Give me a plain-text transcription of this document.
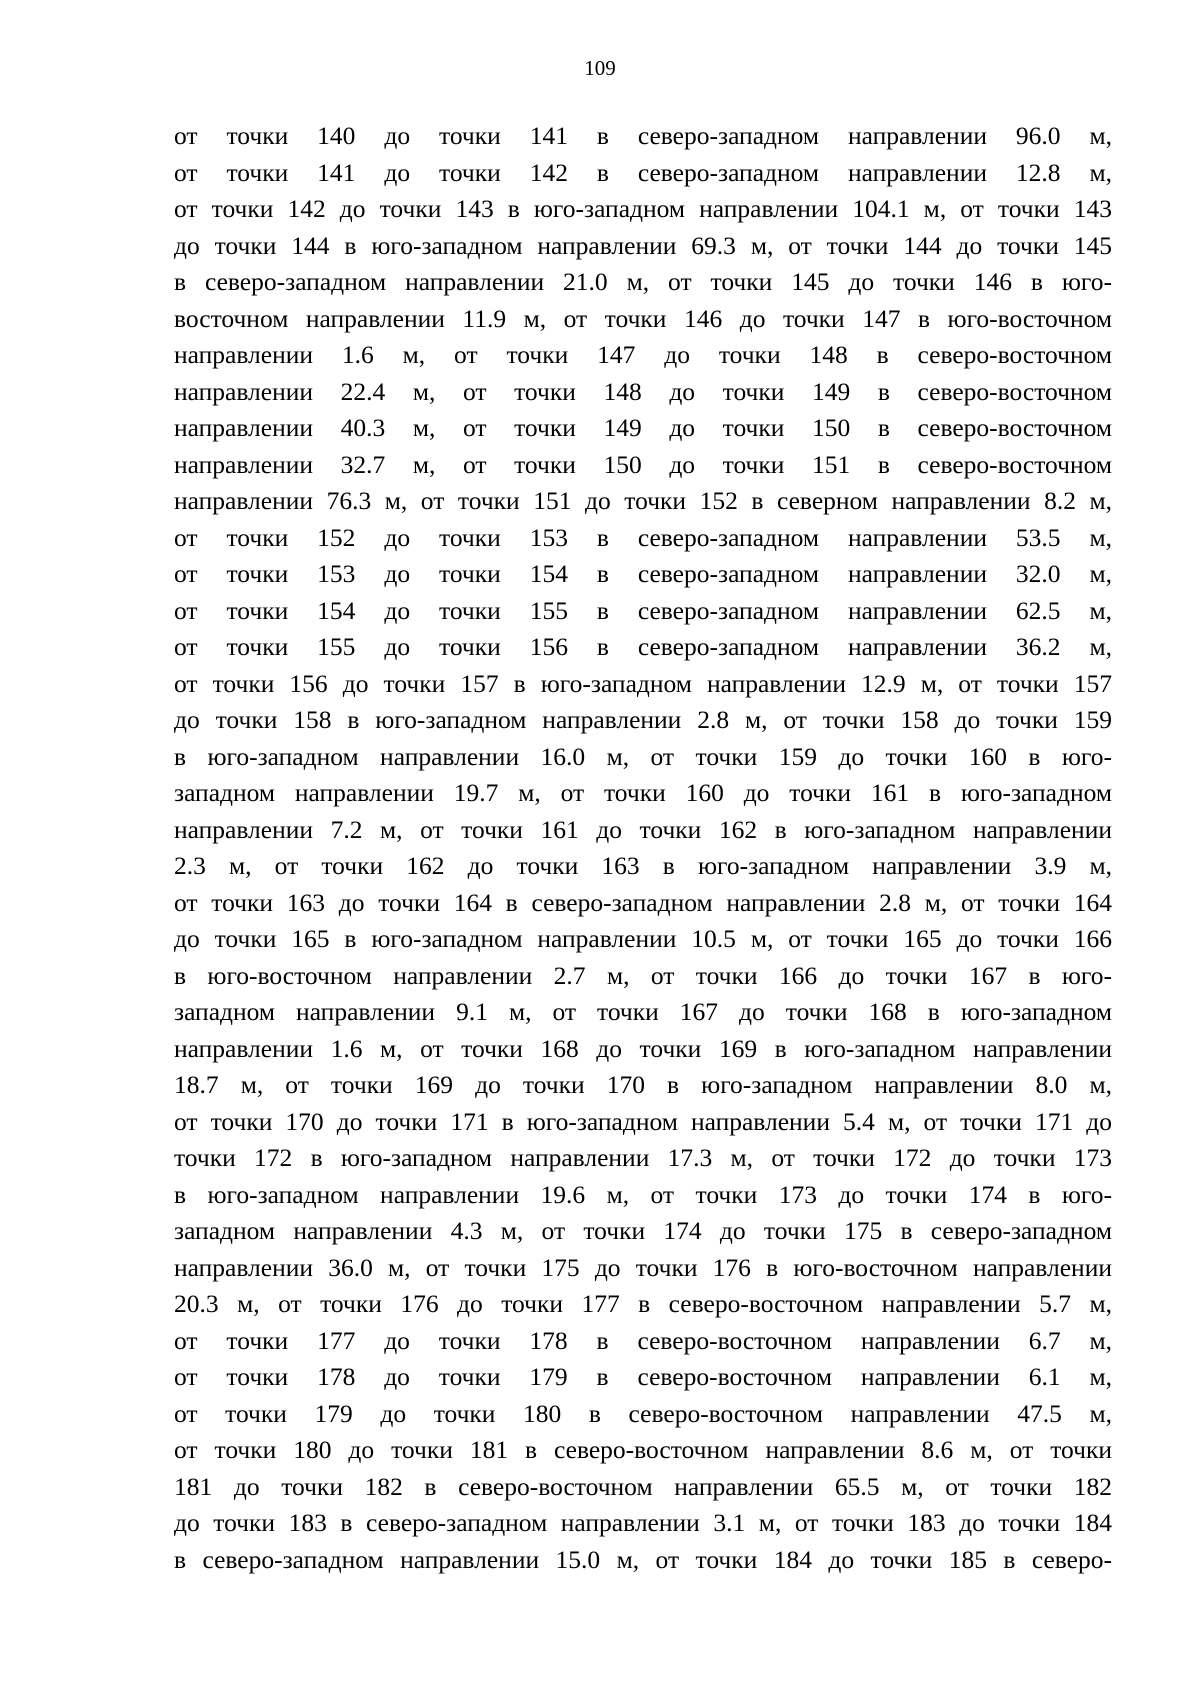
109
от точки 140 до точки 141 в северо-западном направлении 96.0 м,
от точки 141 до точки 142 в северо-западном направлении 12.8 м,
от точки 142 до точки 143 в юго-западном направлении 104.1 м, от точки 143
до точки 144 в юго-западном направлении 69.3 м, от точки 144 до точки 145
в северо-западном направлении 21.0 м, от точки 145 до точки 146 в юго-
восточном направлении 11.9 м, от точки 146 до точки 147 в юго-восточном
направлении 1.6 м, от точки 147 до точки 148 в северо-восточном
направлении 22.4 м, от точки 148 до точки 149 в северо-восточном
направлении 40.3 м, от точки 149 до точки 150 в северо-восточном
направлении 32.7 м, от точки 150 до точки 151 в северо-восточном
направлении 76.3 м, от точки 151 до точки 152 в северном направлении 8.2 м,
от точки 152 до точки 153 в северо-западном направлении 53.5 м,
от точки 153 до точки 154 в северо-западном направлении 32.0 м,
от точки 154 до точки 155 в северо-западном направлении 62.5 м,
от точки 155 до точки 156 в северо-западном направлении 36.2 м,
от точки 156 до точки 157 в юго-западном направлении 12.9 м, от точки 157
до точки 158 в юго-западном направлении 2.8 м, от точки 158 до точки 159
в юго-западном направлении 16.0 м, от точки 159 до точки 160 в юго-
западном направлении 19.7 м, от точки 160 до точки 161 в юго-западном
направлении 7.2 м, от точки 161 до точки 162 в юго-западном направлении
2.3 м, от точки 162 до точки 163 в юго-западном направлении 3.9 м,
от точки 163 до точки 164 в северо-западном направлении 2.8 м, от точки 164
до точки 165 в юго-западном направлении 10.5 м, от точки 165 до точки 166
в юго-восточном направлении 2.7 м, от точки 166 до точки 167 в юго-
западном направлении 9.1 м, от точки 167 до точки 168 в юго-западном
направлении 1.6 м, от точки 168 до точки 169 в юго-западном направлении
18.7 м, от точки 169 до точки 170 в юго-западном направлении 8.0 м,
от точки 170 до точки 171 в юго-западном направлении 5.4 м, от точки 171 до
точки 172 в юго-западном направлении 17.3 м, от точки 172 до точки 173
в юго-западном направлении 19.6 м, от точки 173 до точки 174 в юго-
западном направлении 4.3 м, от точки 174 до точки 175 в северо-западном
направлении 36.0 м, от точки 175 до точки 176 в юго-восточном направлении
20.3 м, от точки 176 до точки 177 в северо-восточном направлении 5.7 м,
от точки 177 до точки 178 в северо-восточном направлении 6.7 м,
от точки 178 до точки 179 в северо-восточном направлении 6.1 м,
от точки 179 до точки 180 в северо-восточном направлении 47.5 м,
от точки 180 до точки 181 в северо-восточном направлении 8.6 м, от точки
181 до точки 182 в северо-восточном направлении 65.5 м, от точки 182
до точки 183 в северо-западном направлении 3.1 м, от точки 183 до точки 184
в северо-западном направлении 15.0 м, от точки 184 до точки 185 в северо-
